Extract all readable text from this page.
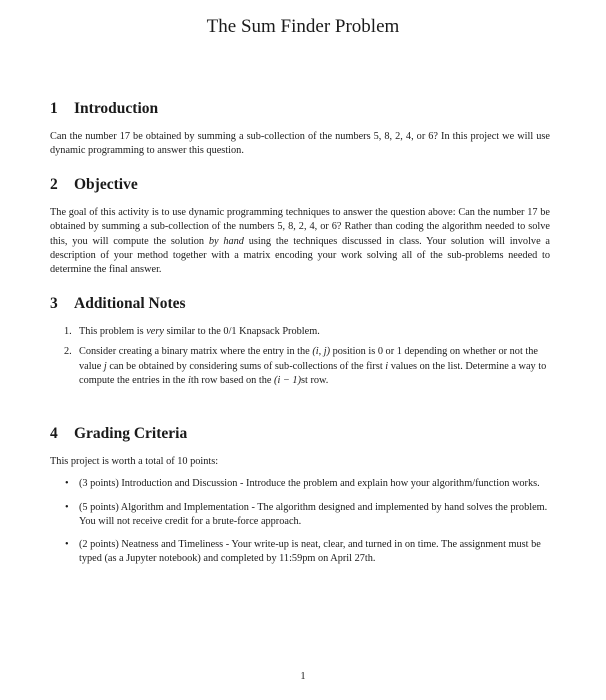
The Sum Finder Problem
1 Introduction

Can the number 17 be obtained by summing a sub-collection of the numbers 5, 8, 2, 4, or 6? In this project we will use dynamic programming to answer this question.

2 Objective

The goal of this activity is to use dynamic programming techniques to answer the question above: Can the number 17 be obtained by summing a sub-collection of the numbers 5, 8, 2, 4, or 6? Rather than coding the algorithm needed to solve this, you will compute the solution by hand using the techniques discussed in class. Your solution will involve a description of your method together with a matrix encoding your work solving all of the sub-problems needed to determine the final answer.

3 Additional Notes
1. This problem is very similar to the 0/1 Knapsack Problem.
2. Consider creating a binary matrix where the entry in the (i, j) position is 0 or 1 depending on whether or not the value j can be obtained by considering sums of sub-collections of the first i values on the list. Determine a way to compute the entries in the ith row based on the (i − 1)st row.
4 Grading Criteria

This project is worth a total of 10 points:

• (3 points) Introduction and Discussion - Introduce the problem and explain how your algorithm/function works.
• (5 points) Algorithm and Implementation - The algorithm designed and implemented by hand solves the problem. You will not receive credit for a brute-force approach.
• (2 points) Neatness and Timeliness - Your write-up is neat, clear, and turned in on time. The assignment must be typed (as a Jupyter notebook) and completed by 11:59pm on April 27th.
1
